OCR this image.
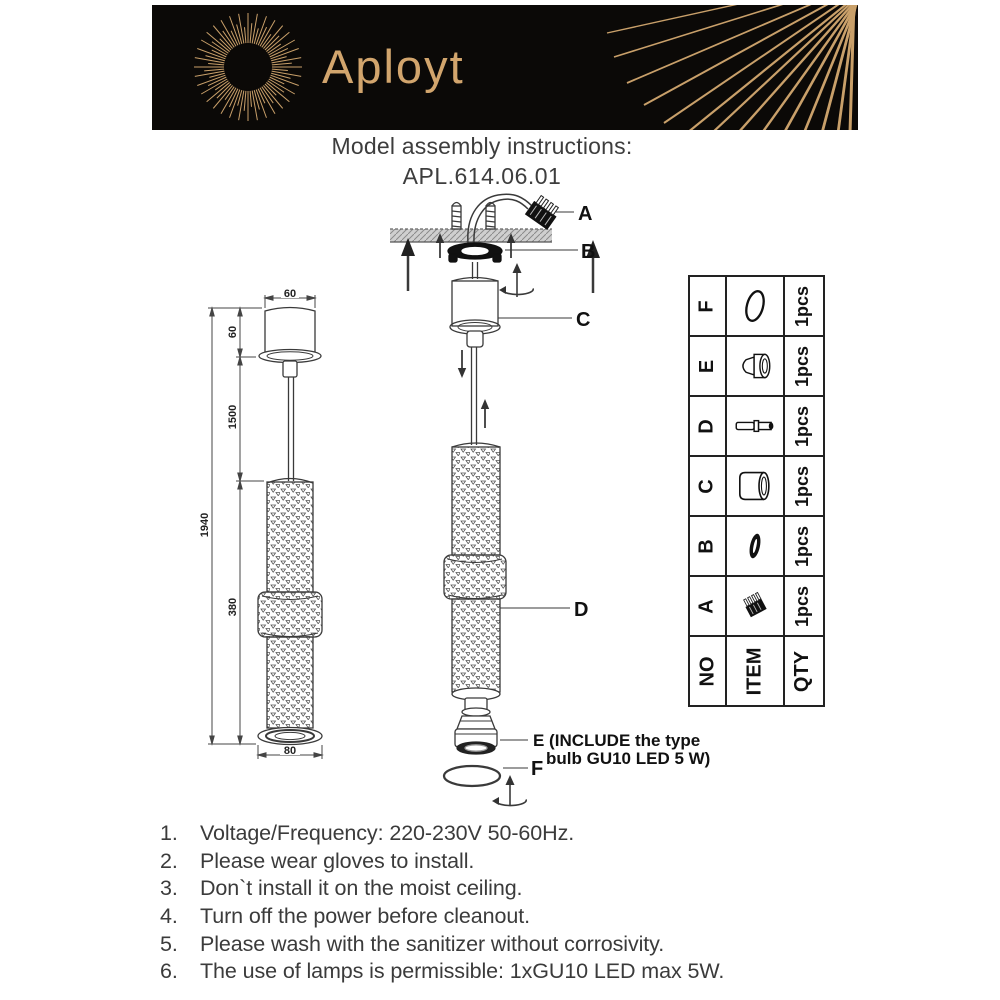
Aployt
Model assembly instructions:
APL.614.06.01
60
60
1500
380
1940
80
A
B
C
D
E (INCLUDE the type
bulb GU10 LED 5 W)
F
F	1pcs
E	1pcs
D	1pcs
C	1pcs
B	1pcs
A	1pcs
NO ITEM QTY
1.	Voltage/Frequency: 220-230V 50-60Hz.
2.	Please wear gloves to install.
3.	Don`t install it on the moist ceiling.
4.	Turn off the power before cleanout.
5.	Please wash with the sanitizer without corrosivity.
6.	The use of lamps is permissible: 1xGU10 LED max 5W.
